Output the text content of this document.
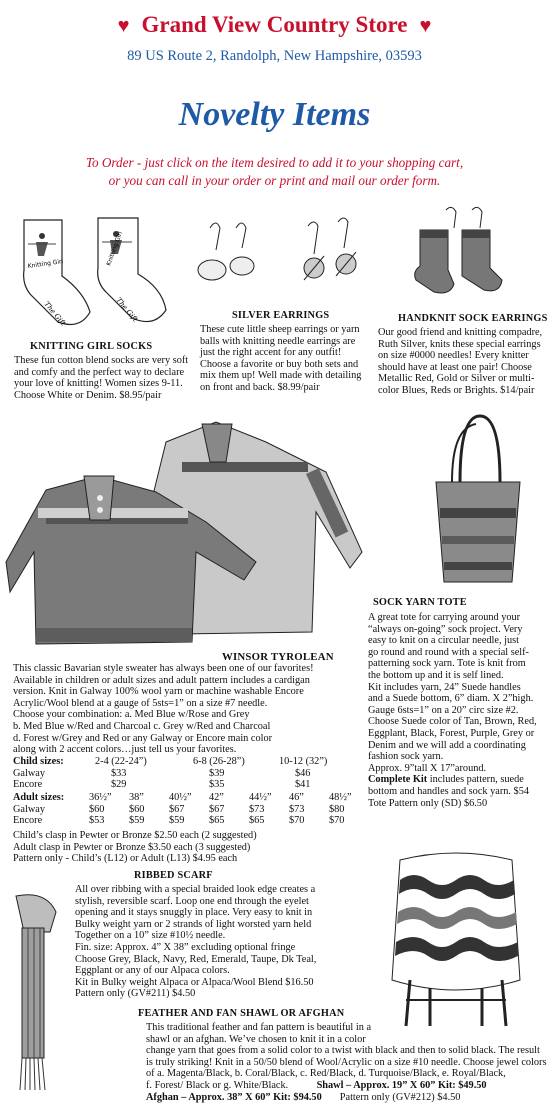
♥ Grand View Country Store ♥
89 US Route 2, Randolph, New Hampshire, 03593
Novelty Items
To Order - just click on the item desired to add it to your shopping cart,
or you can call in your order or print and mail our order form.
Knitting Girl	Knitting Girl
The Gift	The Gift
KNITTING GIRL SOCKS
These fun cotton blend socks are very soft
and comfy and the perfect way to declare
your love of knitting! Women sizes 9-11.
Choose White or Denim. $8.95/pair
SILVER EARRINGS
These cute little sheep earrings or yarn
balls with knitting needle earrings are
just the right accent for any outfit!
Choose a favorite or buy both sets and
mix them up! Well made with detailing
on front and back. $8.99/pair
HANDKNIT SOCK EARRINGS
Our good friend and knitting compadre,
Ruth Silver, knits these special earrings
on size #0000 needles! Every knitter
should have at least one pair! Choose
Metallic Red, Gold or Silver or multi-
color Blues, Reds or Brights. $14/pair
WINSOR TYROLEAN
This classic Bavarian style sweater has always been one of our favorites!
Available in children or adult sizes and adult pattern includes a cardigan
version. Knit in Galway 100% wool yarn or machine washable Encore
Acrylic/Wool blend at a gauge of 5sts=1” on a size #7 needle.
Choose your combination: a. Med Blue w/Rose and Grey
b. Med Blue w/Red and Charcoal c. Grey w/Red and Charcoal
d. Forest w/Grey and Red or any Galway or Encore main color
along with 2 accent colors…just tell us your favorites.
Child sizes:	2-4 (22-24”)	6-8 (26-28”)	10-12 (32”)
Galway	$33	$39	$46
Encore	$29	$35	$41
Adult sizes:	36½”	38”	40½”	42”	44½”	46”	48½”
Galway	$60	$60	$67	$67	$73	$73	$80
Encore	$53	$59	$59	$65	$65	$70	$70
Child’s clasp in Pewter or Bronze $2.50 each (2 suggested)
Adult clasp in Pewter or Bronze $3.50 each (3 suggested)
Pattern only - Child’s (L12) or Adult (L13) $4.95 each
SOCK YARN TOTE
A great tote for carrying around your
“always on-going” sock project. Very
easy to knit on a circular needle, just
go round and round with a special self-
patterning sock yarn. Tote is knit from
the bottom up and it is self lined.
Kit includes yarn, 24” Suede handles
and a Suede bottom, 6” diam. X 2”high.
Gauge 6sts=1” on a 20” circ size #2.
Choose Suede color of Tan, Brown, Red,
Eggplant, Black, Forest, Purple, Grey or
Denim and we will add a coordinating
fashion sock yarn.
Approx. 9”tall X 17”around.
Complete Kit includes pattern, suede
bottom and handles and sock yarn. $54
Tote Pattern only (SD) $6.50
RIBBED SCARF
All over ribbing with a special braided look edge creates a
stylish, reversible scarf. Loop one end through the eyelet
opening and it stays snuggly in place. Very easy to knit in
Bulky weight yarn or 2 strands of light worsted yarn held
Together on a 10” size #10½ needle.
Fin. size: Approx. 4” X 38” excluding optional fringe
Choose Grey, Black, Navy, Red, Emerald, Taupe, Dk Teal,
Eggplant or any of our Alpaca colors.
Kit in Bulky weight Alpaca or Alpaca/Wool Blend $16.50
Pattern only (GV#211) $4.50
FEATHER AND FAN SHAWL OR AFGHAN
This traditional feather and fan pattern is beautiful in a
shawl or an afghan. We’ve chosen to knit it in a color
change yarn that goes from a solid color to a twist with black and then to solid black. The result
is truly striking! Knit in a 50/50 blend of Wool/Acrylic on a size #10 needle. Choose jewel colors
of a. Magenta/Black, b. Coral/Black, c. Red/Black, d. Turquoise/Black, e. Royal/Black,
f. Forest/ Black or g. White/Black.	Shawl – Approx. 19” X 60” Kit: $49.50
Afghan – Approx. 38” X 60” Kit: $94.50 Pattern only (GV#212) $4.50
